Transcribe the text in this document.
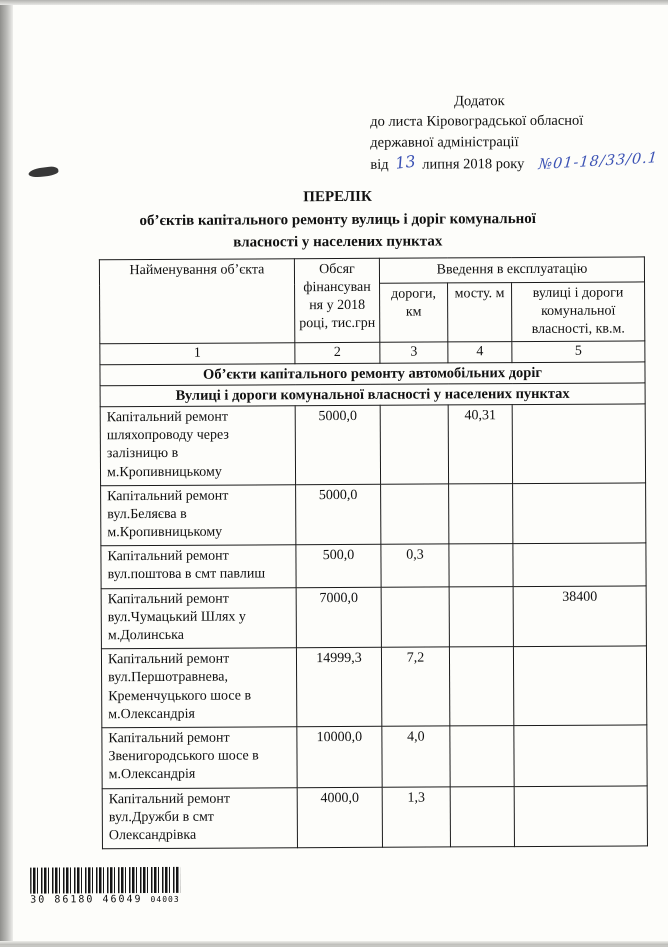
Додаток
до листа Кіровоградської обласної
державної адміністрації
від 13 липня 2018 року №01-18/33/0.1
ПЕРЕЛІК
об’єктів капітального ремонту вулиць і доріг комунальної
власності у населених пунктах
Найменування об’єкта	Обсяг фінансуван ня у 2018 році, тис.грн	Введення в експлуатацію		
		дороги, км	мосту. м	вулиці і дороги комунальної власності, кв.м.
1	2	3	4	5
Об’єкти капітального ремонту автомобільних доріг				
Вулиці і дороги комунальної власності у населених пунктах				
Капітальний ремонт шляхопроводу через залізницю в м.Кропивницькому	5000,0		40,31	
Капітальний ремонт вул.Беляєва в м.Кропивницькому	5000,0			
Капітальний ремонт вул.поштова в смт павлиш	500,0	0,3		
Капітальний ремонт вул.Чумацький Шлях у м.Долинська	7000,0			38400
Капітальний ремонт вул.Першотравнева, Кременчуцького шосе в м.Олександрія	14999,3	7,2		
Капітальний ремонт Звенигородського шосе в м.Олександрія	10000,0	4,0		
Капітальний ремонт вул.Дружби в смт Олександрівка	4000,0	1,3		
30 86180 46049 04003
